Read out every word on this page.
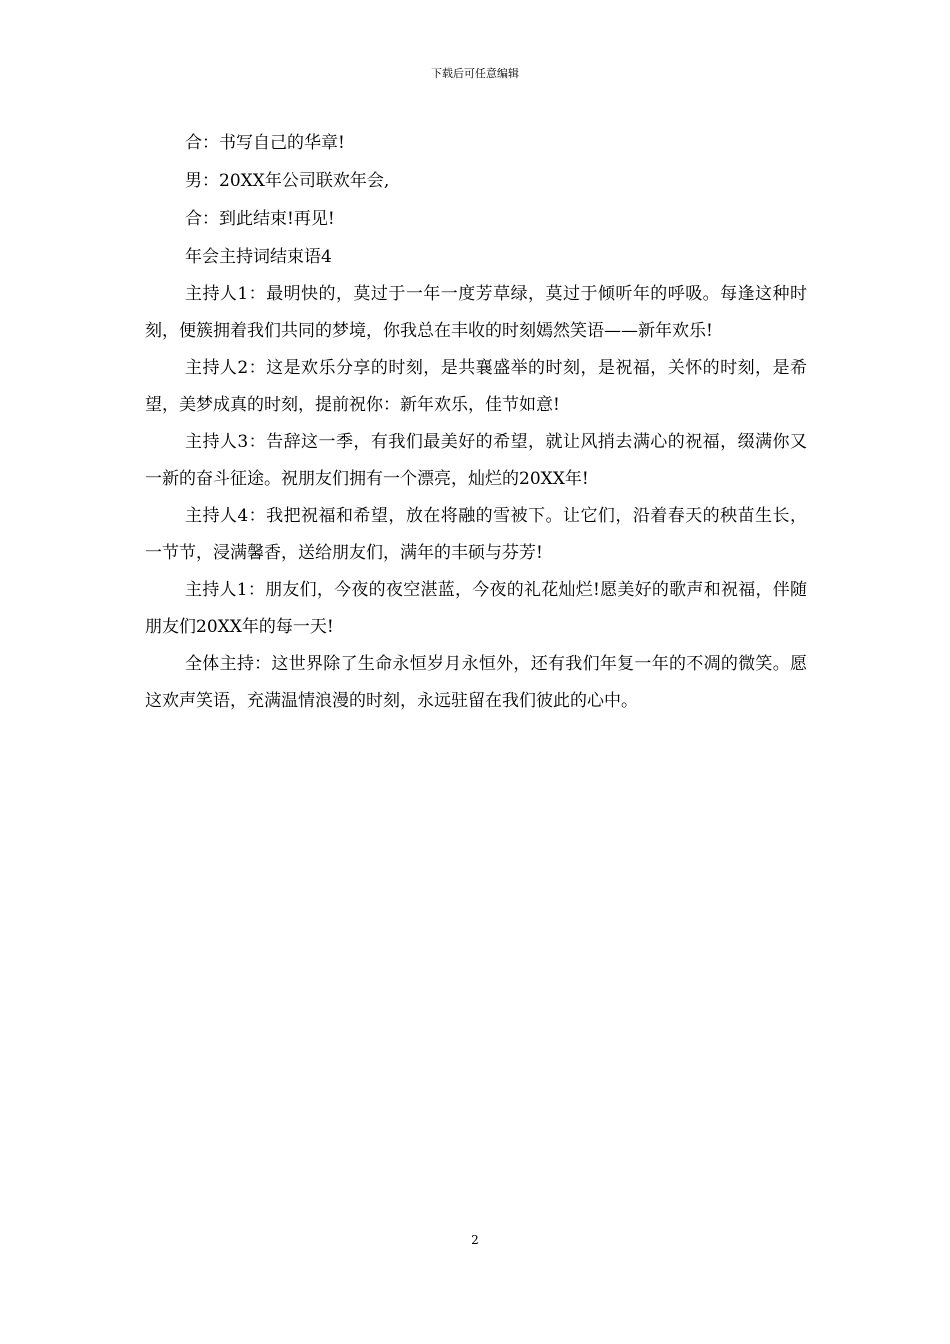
下载后可任意编辑

合：书写自己的华章!

男：20XX年公司联欢年会,

合：到此结束!再见!

年会主持词结束语4

主持人1：最明快的，莫过于一年一度芳草绿，莫过于倾听年的呼吸。每逢这种时刻，便簇拥着我们共同的梦境，你我总在丰收的时刻嫣然笑语——新年欢乐!

主持人2：这是欢乐分享的时刻，是共襄盛举的时刻，是祝福，关怀的时刻，是希望，美梦成真的时刻，提前祝你：新年欢乐，佳节如意!

主持人3：告辞这一季，有我们最美好的希望，就让风捎去满心的祝福，缀满你又一新的奋斗征途。祝朋友们拥有一个漂亮，灿烂的20XX年!

主持人4：我把祝福和希望，放在将融的雪被下。让它们，沿着春天的秧苗生长，一节节，浸满馨香，送给朋友们，满年的丰硕与芬芳!

主持人1：朋友们，今夜的夜空湛蓝，今夜的礼花灿烂!愿美好的歌声和祝福，伴随朋友们20XX年的每一天!

全体主持：这世界除了生命永恒岁月永恒外，还有我们年复一年的不凋的微笑。愿这欢声笑语，充满温情浪漫的时刻，永远驻留在我们彼此的心中。

2
